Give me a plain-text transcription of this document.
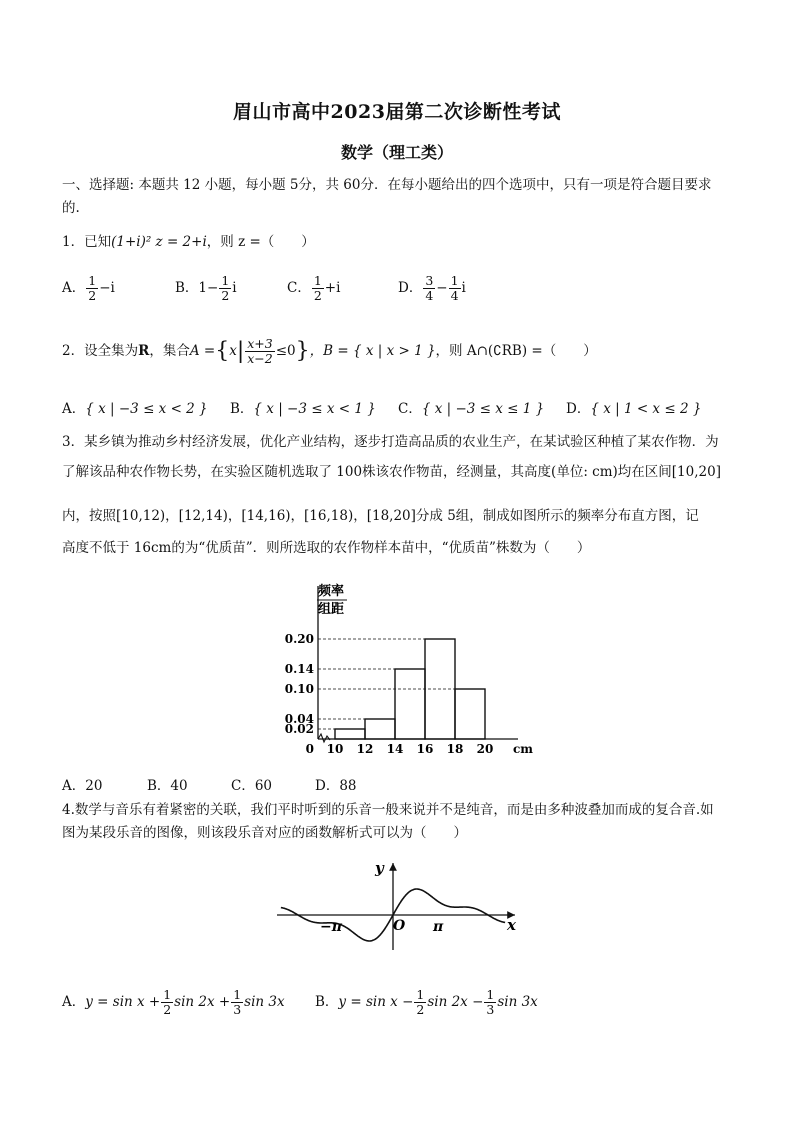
眉山市高中2023届第二次诊断性考试
数学（理工类）
一、选择题: 本题共 12 小题，每小题 5分，共 60分．在每小题给出的四个选项中，只有一项是符合题目要求
的.
1．已知(1+i)² z = 2+i，则 z =（　　）
A． $\frac{1}{2} -i$	B．$1- \frac{1}{2}$ i	C． $\frac{1}{2} +i$	D． $\frac{3}{4} - \frac{1}{4}$ i
2．设全集为R，集合$A =\{x| \frac{x+3}{x-2} \le 0\}$，B = { x | x > 1 }，则 A∩(∁RB) =（　　）
A．{ x | −3 ≤ x < 2 } B．{ x | −3 ≤ x < 1 } C．{ x | −3 ≤ x ≤ 1 } D．{ x | 1 < x ≤ 2 }
3．某乡镇为推动乡村经济发展，优化产业结构，逐步打造高品质的农业生产，在某试验区种植了某农作物．为
了解该品种农作物长势，在实验区随机选取了 100株该农作物苗，经测量，其高度(单位: cm)均在区间[10,20]
内，按照[10,12)，[12,14)，[14,16)，[16,18)，[18,20]分成 5组，制成如图所示的频率分布直方图，记
高度不低于 16cm的为“优质苗”．则所选取的农作物样本苗中，“优质苗”株数为（　　）
0.02
0.04
0.10
0.14
0.20
10 12 14 16 18 20
0	cm
频率
组距
A．20	B．40	C．60	D．88
4.数学与音乐有着紧密的关联，我们平时听到的乐音一般来说并不是纯音，而是由多种波叠加而成的复合音.如
图为某段乐音的图像，则该段乐音对应的函数解析式可以为（　　）
y
x
O
−π	π
A．$y = \sin x + \frac{1}{2}$ $\sin 2x + \frac{1}{3}$ sin 3x B．$y = \sin x - \frac{1}{2}$ $\sin 2x - \frac{1}{3}$ sin 3x
